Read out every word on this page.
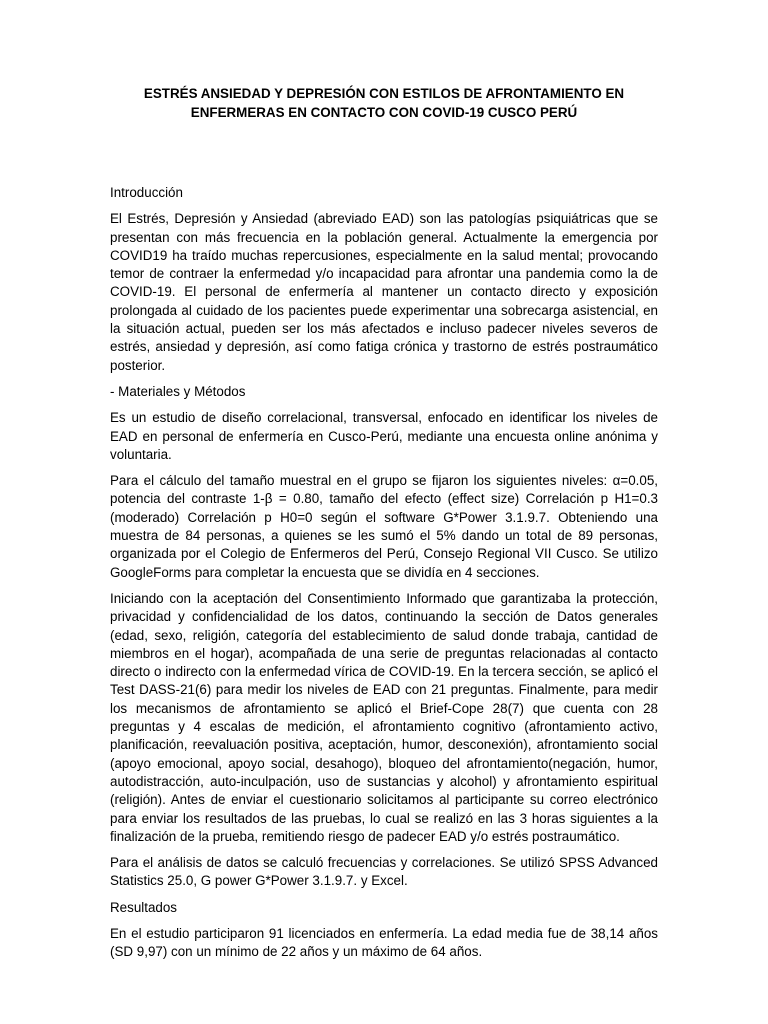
ESTRÉS ANSIEDAD Y DEPRESIÓN CON ESTILOS DE AFRONTAMIENTO EN ENFERMERAS EN CONTACTO CON COVID-19 CUSCO PERÚ
Introducción

El Estrés, Depresión y Ansiedad (abreviado EAD) son las patologías psiquiátricas que se presentan con más frecuencia en la población general. Actualmente la emergencia por COVID19 ha traído muchas repercusiones, especialmente en la salud mental; provocando temor de contraer la enfermedad y/o incapacidad para afrontar una pandemia como la de COVID-19. El personal de enfermería al mantener un contacto directo y exposición prolongada al cuidado de los pacientes puede experimentar una sobrecarga asistencial, en la situación actual, pueden ser los más afectados e incluso padecer niveles severos de estrés, ansiedad y depresión, así como fatiga crónica y trastorno de estrés postraumático posterior.

- Materiales y Métodos

Es un estudio de diseño correlacional, transversal, enfocado en identificar los niveles de EAD en personal de enfermería en Cusco-Perú, mediante una encuesta online anónima y voluntaria.

Para el cálculo del tamaño muestral en el grupo se fijaron los siguientes niveles: α=0.05, potencia del contraste 1-β = 0.80, tamaño del efecto (effect size) Correlación p H1=0.3 (moderado) Correlación p H0=0 según el software G*Power 3.1.9.7. Obteniendo una muestra de 84 personas, a quienes se les sumó el 5% dando un total de 89 personas, organizada por el Colegio de Enfermeros del Perú, Consejo Regional VII Cusco. Se utilizo GoogleForms para completar la encuesta que se dividía en 4 secciones.

Iniciando con la aceptación del Consentimiento Informado que garantizaba la protección, privacidad y confidencialidad de los datos, continuando la sección de Datos generales (edad, sexo, religión, categoría del establecimiento de salud donde trabaja, cantidad de miembros en el hogar), acompañada de una serie de preguntas relacionadas al contacto directo o indirecto con la enfermedad vírica de COVID-19. En la tercera sección, se aplicó el Test DASS-21(6) para medir los niveles de EAD con 21 preguntas. Finalmente, para medir los mecanismos de afrontamiento se aplicó el Brief-Cope 28(7) que cuenta con 28 preguntas y 4 escalas de medición, el afrontamiento cognitivo (afrontamiento activo, planificación, reevaluación positiva, aceptación, humor, desconexión), afrontamiento social (apoyo emocional, apoyo social, desahogo), bloqueo del afrontamiento(negación, humor, autodistracción, auto-inculpación, uso de sustancias y alcohol) y afrontamiento espiritual (religión). Antes de enviar el cuestionario solicitamos al participante su correo electrónico para enviar los resultados de las pruebas, lo cual se realizó en las 3 horas siguientes a la finalización de la prueba, remitiendo riesgo de padecer EAD y/o estrés postraumático.

Para el análisis de datos se calculó frecuencias y correlaciones. Se utilizó SPSS Advanced Statistics 25.0, G power G*Power 3.1.9.7. y Excel.

Resultados

En el estudio participaron 91 licenciados en enfermería. La edad media fue de 38,14 años (SD 9,97) con un mínimo de 22 años y un máximo de 64 años.
